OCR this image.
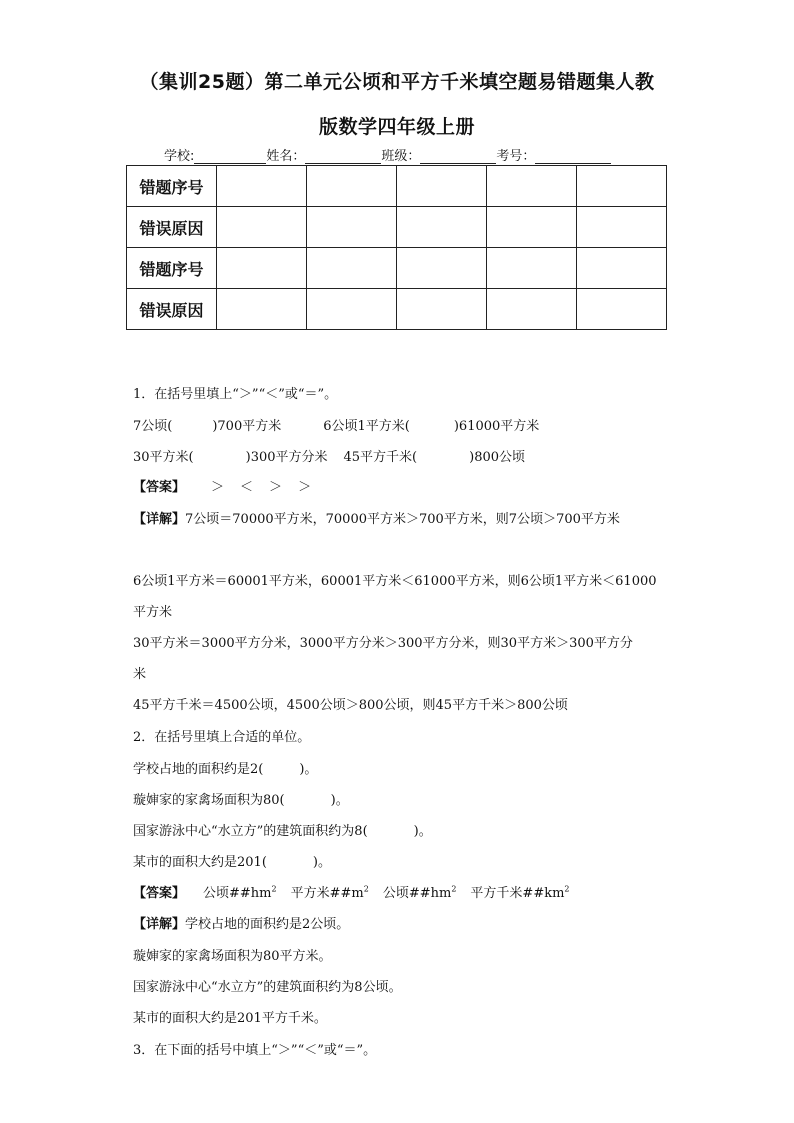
（集训25题）第二单元公顷和平方千米填空题易错题集人教
版数学四年级上册
学校:	姓名：	班级：	考号：
错题序号					
错误原因					
错题序号					
错误原因					
1．在括号里填上“＞”“＜”或“＝”。
7公顷(	)700平方米	6公顷1平方米(	)61000平方米
30平方米(	)300平方分米 45平方千米(	)800公顷
【答案】 ＞ ＜ ＞ ＞
【详解】7公顷＝70000平方米，70000平方米＞700平方米，则7公顷＞700平方米
6公顷1平方米＝60001平方米，60001平方米＜61000平方米，则6公顷1平方米＜61000
平方米
30平方米＝3000平方分米，3000平方分米＞300平方分米，则30平方米＞300平方分
米
45平方千米＝4500公顷，4500公顷＞800公顷，则45平方千米＞800公顷
2．在括号里填上合适的单位。
学校占地的面积约是2(	)。
璇婶家的家禽场面积为80(	)。
国家游泳中心“水立方”的建筑面积约为8(	)。
某市的面积大约是201(	)。
【答案】 公顷$\#\#hm^2$ 平方米$\#\#m^2$ 公顷$\#\#hm^2$ 平方千米$\#\#km^2$
【详解】学校占地的面积约是2公顷。
璇婶家的家禽场面积为80平方米。
国家游泳中心“水立方”的建筑面积约为8公顷。
某市的面积大约是201平方千米。
3．在下面的括号中填上“＞”“＜”或“＝”。
